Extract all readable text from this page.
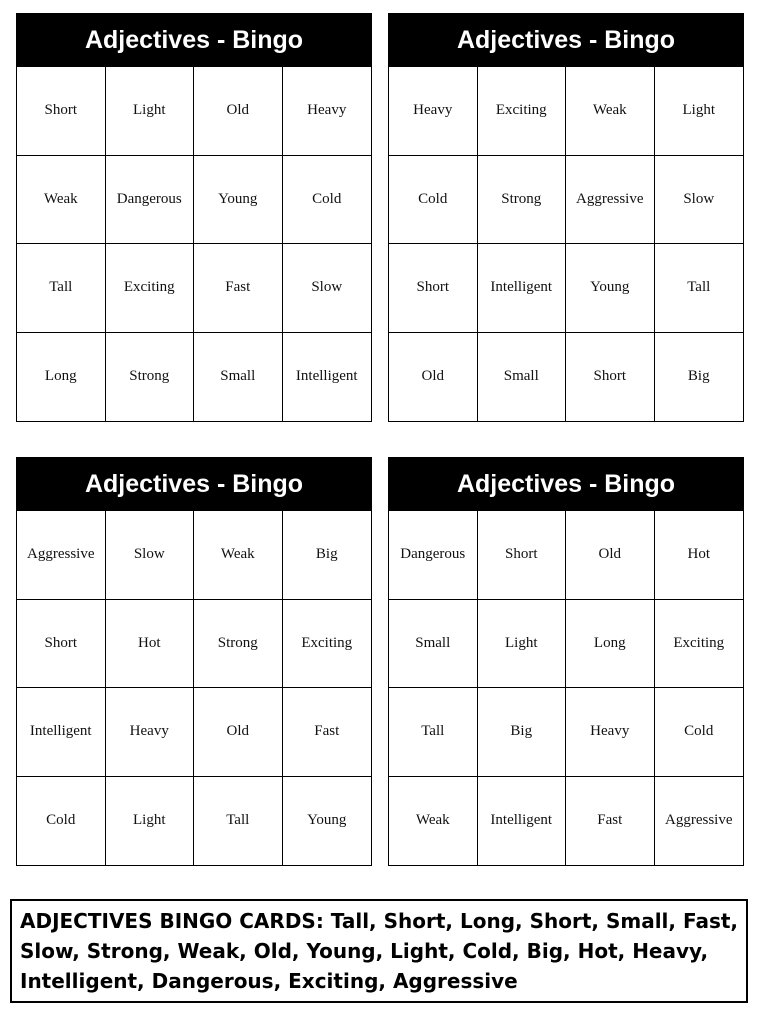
Adjectives - Bingo
Short	Light	Old	Heavy
Weak	Dangerous	Young	Cold
Tall	Exciting	Fast	Slow
Long	Strong	Small	Intelligent
Adjectives - Bingo
Heavy	Exciting	Weak	Light
Cold	Strong	Aggressive	Slow
Short	Intelligent	Young	Tall
Old	Small	Short	Big
Adjectives - Bingo
Aggressive	Slow	Weak	Big
Short	Hot	Strong	Exciting
Intelligent	Heavy	Old	Fast
Cold	Light	Tall	Young
Adjectives - Bingo
Dangerous	Short	Old	Hot
Small	Light	Long	Exciting
Tall	Big	Heavy	Cold
Weak	Intelligent	Fast	Aggressive
ADJECTIVES BINGO CARDS: Tall, Short, Long, Short, Small, Fast, Slow, Strong, Weak, Old, Young, Light, Cold, Big, Hot, Heavy, Intelligent, Dangerous, Exciting, Aggressive
